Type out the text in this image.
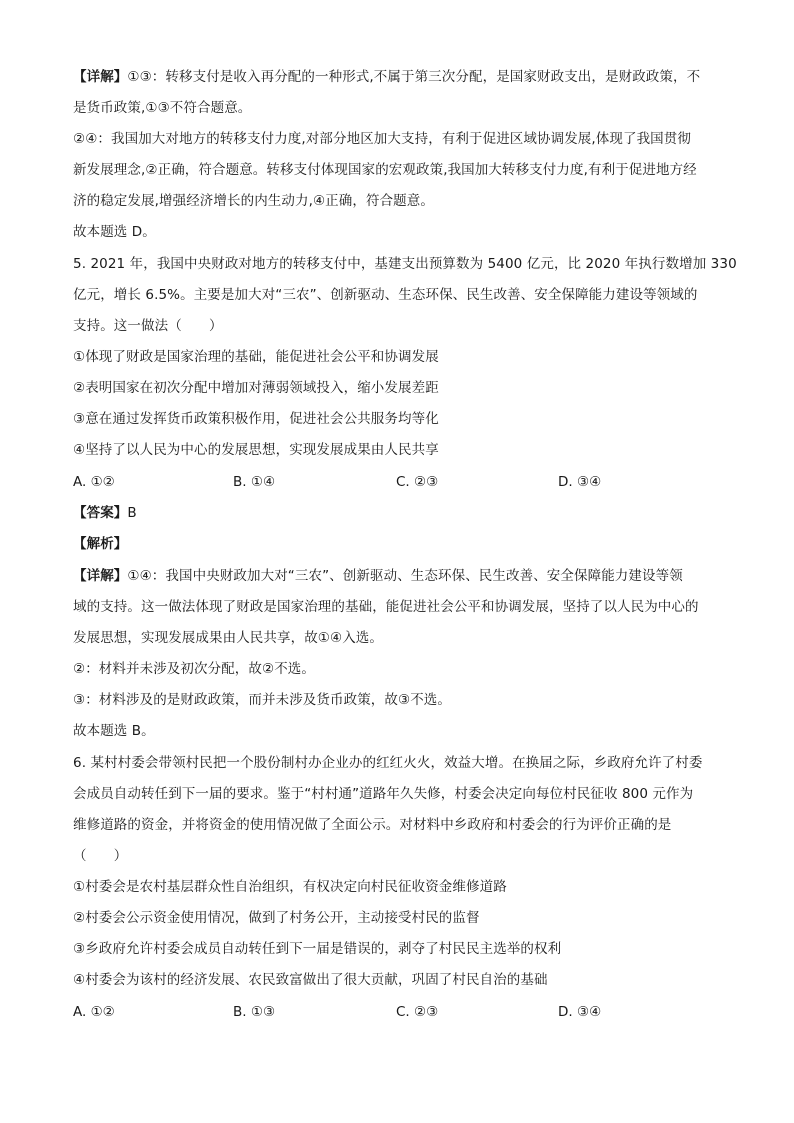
【详解】①③：转移支付是收入再分配的一种形式,不属于第三次分配，是国家财政支出，是财政政策，不
是货币政策,①③不符合题意。
②④：我国加大对地方的转移支付力度,对部分地区加大支持，有利于促进区域协调发展,体现了我国贯彻
新发展理念,②正确，符合题意。转移支付体现国家的宏观政策,我国加大转移支付力度,有利于促进地方经
济的稳定发展,增强经济增长的内生动力,④正确，符合题意。
故本题选 D。
5. 2021 年，我国中央财政对地方的转移支付中，基建支出预算数为 5400 亿元，比 2020 年执行数增加 330
亿元，增长 6.5%。主要是加大对“三农”、创新驱动、生态环保、民生改善、安全保障能力建设等领域的
支持。这一做法（　　）
①体现了财政是国家治理的基础，能促进社会公平和协调发展
②表明国家在初次分配中增加对薄弱领域投入，缩小发展差距
③意在通过发挥货币政策积极作用，促进社会公共服务均等化
④坚持了以人民为中心的发展思想，实现发展成果由人民共享
A. ①②	B. ①④	C. ②③	D. ③④
【答案】B
【解析】
【详解】①④：我国中央财政加大对“三农”、创新驱动、生态环保、民生改善、安全保障能力建设等领
域的支持。这一做法体现了财政是国家治理的基础，能促进社会公平和协调发展，坚持了以人民为中心的
发展思想，实现发展成果由人民共享，故①④入选。
②：材料并未涉及初次分配，故②不选。
③：材料涉及的是财政政策，而并未涉及货币政策，故③不选。
故本题选 B。
6. 某村村委会带领村民把一个股份制村办企业办的红红火火，效益大增。在换届之际，乡政府允许了村委
会成员自动转任到下一届的要求。鉴于“村村通”道路年久失修，村委会决定向每位村民征收 800 元作为
维修道路的资金，并将资金的使用情况做了全面公示。对材料中乡政府和村委会的行为评价正确的是
（　　）
①村委会是农村基层群众性自治组织，有权决定向村民征收资金维修道路
②村委会公示资金使用情况，做到了村务公开，主动接受村民的监督
③乡政府允许村委会成员自动转任到下一届是错误的，剥夺了村民民主选举的权利
④村委会为该村的经济发展、农民致富做出了很大贡献，巩固了村民自治的基础
A. ①②	B. ①③	C. ②③	D. ③④
